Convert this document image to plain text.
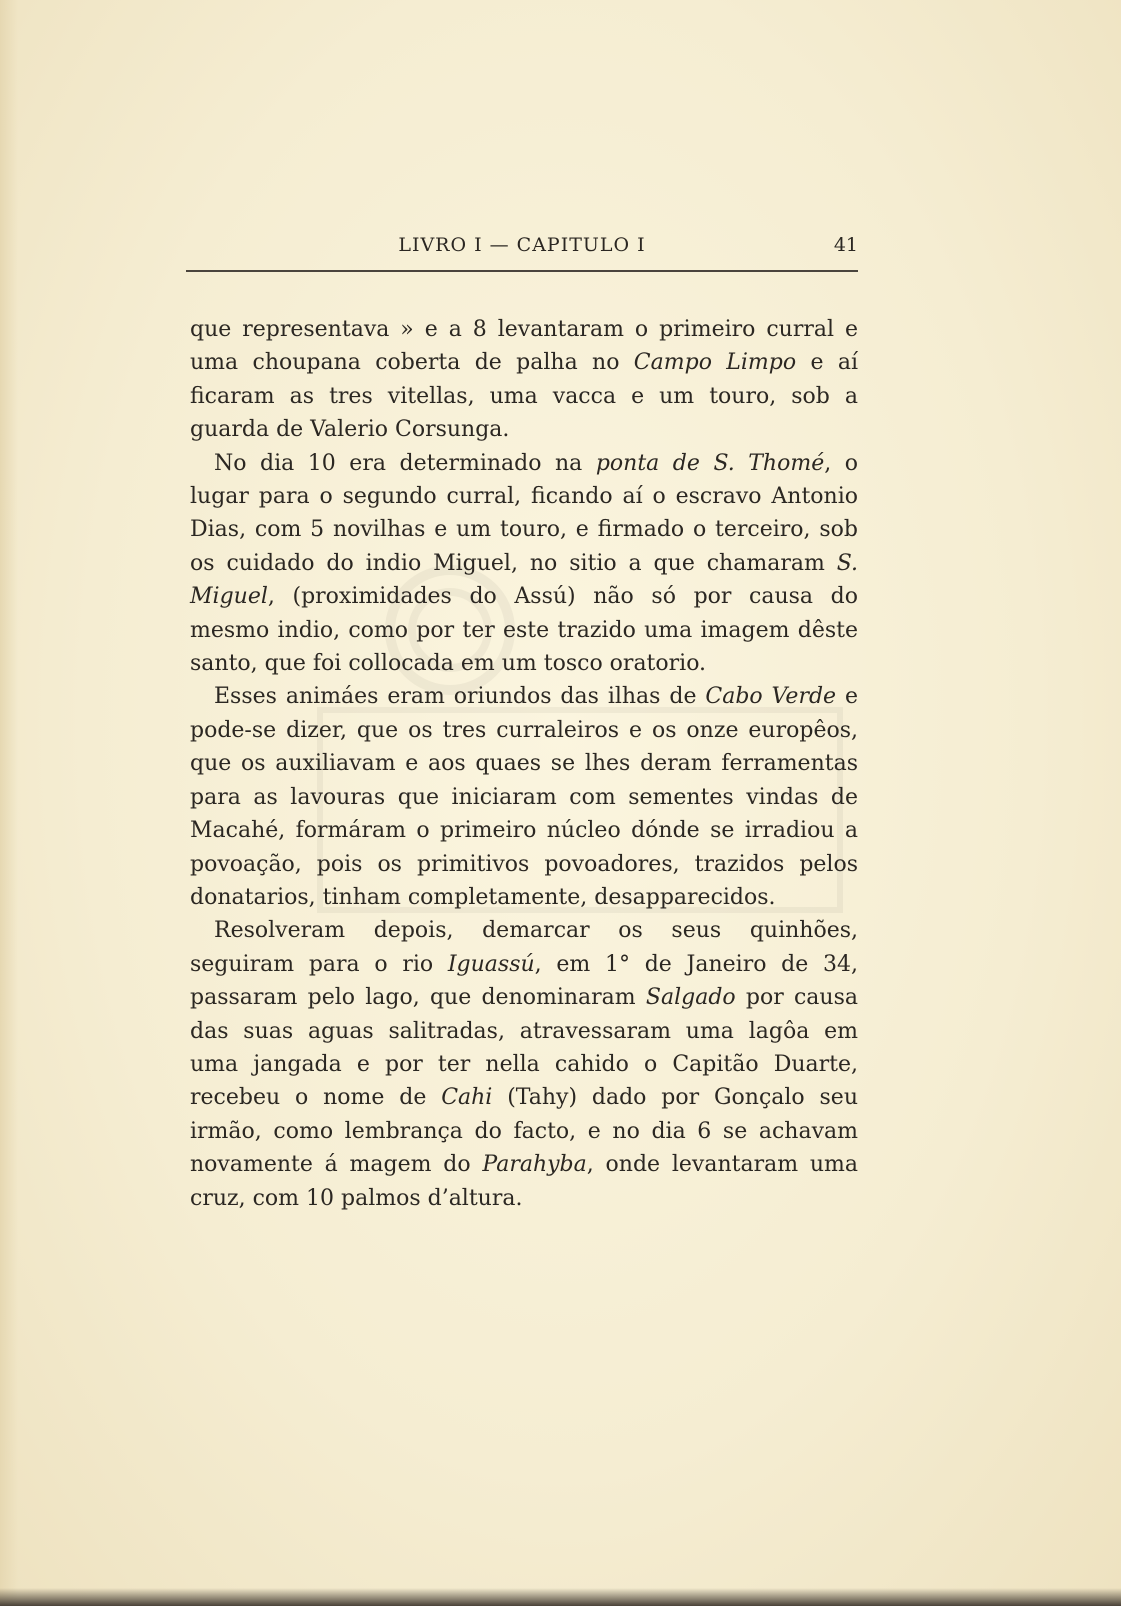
LIVRO I — CAPITULO I	41

que representava » e a 8 levantaram o primeiro curral e uma choupana coberta de palha no Campo Limpo e aí ficaram as tres vitellas, uma vacca e um touro, sob a guarda de Valerio Corsunga.

No dia 10 era determinado na ponta de S. Thomé, o lugar para o segundo curral, ficando aí o escravo Antonio Dias, com 5 novilhas e um touro, e firmado o terceiro, sob os cuidado do indio Miguel, no sitio a que chamaram S. Miguel, (proximidades do Assú) não só por causa do mesmo indio, como por ter este trazido uma imagem dêste santo, que foi collocada em um tosco oratorio.

Esses animáes eram oriundos das ilhas de Cabo Verde e pode-se dizer, que os tres curraleiros e os onze europêos, que os auxiliavam e aos quaes se lhes deram ferramentas para as lavouras que iniciaram com sementes vindas de Macahé, formáram o primeiro núcleo dónde se irradiou a povoação, pois os primitivos povoadores, trazidos pelos donatarios, tinham completamente, desapparecidos.

Resolveram depois, demarcar os seus quinhões, seguiram para o rio Iguassú, em 1° de Janeiro de 34, passaram pelo lago, que denominaram Salgado por causa das suas aguas salitradas, atravessaram uma lagôa em uma jangada e por ter nella cahido o Capitão Duarte, recebeu o nome de Cahi (Tahy) dado por Gonçalo seu irmão, como lembrança do facto, e no dia 6 se achavam novamente á magem do Parahyba, onde levantaram uma cruz, com 10 palmos d’altura.
